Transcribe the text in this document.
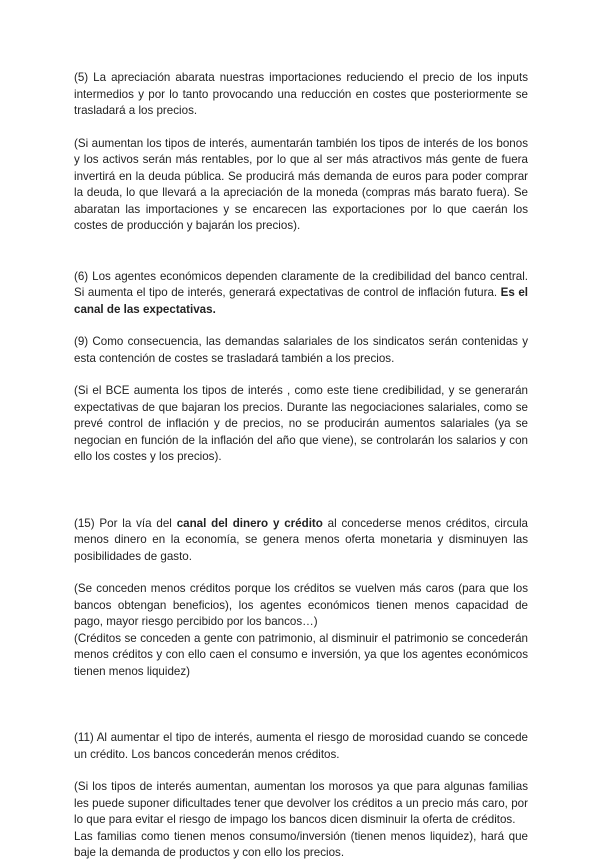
(5) La apreciación abarata nuestras importaciones reduciendo el precio de los inputs intermedios y por lo tanto provocando una reducción en costes que posteriormente se trasladará a los precios.

(Si aumentan los tipos de interés, aumentarán también los tipos de interés de los bonos y los activos serán más rentables, por lo que al ser más atractivos más gente de fuera invertirá en la deuda pública. Se producirá más demanda de euros para poder comprar la deuda, lo que llevará a la apreciación de la moneda (compras más barato fuera). Se abaratan las importaciones y se encarecen las exportaciones por lo que caerán los costes de producción y bajarán los precios).

(6) Los agentes económicos dependen claramente de la credibilidad del banco central. Si aumenta el tipo de interés, generará expectativas de control de inflación futura. Es el canal de las expectativas.

(9) Como consecuencia, las demandas salariales de los sindicatos serán contenidas y esta contención de costes se trasladará también a los precios.

(Si el BCE aumenta los tipos de interés , como este tiene credibilidad, y se generarán expectativas de que bajaran los precios. Durante las negociaciones salariales, como se prevé control de inflación y de precios, no se producirán aumentos salariales (ya se negocian en función de la inflación del año que viene), se controlarán los salarios y con ello los costes y los precios).

(15) Por la vía del canal del dinero y crédito al concederse menos créditos, circula menos dinero en la economía, se genera menos oferta monetaria y disminuyen las posibilidades de gasto.

(Se conceden menos créditos porque los créditos se vuelven más caros (para que los bancos obtengan beneficios), los agentes económicos tienen menos capacidad de pago, mayor riesgo percibido por los bancos…)

(Créditos se conceden a gente con patrimonio, al disminuir el patrimonio se concederán menos créditos y con ello caen el consumo e inversión, ya que los agentes económicos tienen menos liquidez)

(11) Al aumentar el tipo de interés, aumenta el riesgo de morosidad cuando se concede un crédito. Los bancos concederán menos créditos.

(Si los tipos de interés aumentan, aumentan los morosos ya que para algunas familias les puede suponer dificultades tener que devolver los créditos a un precio más caro, por lo que para evitar el riesgo de impago los bancos dicen disminuir la oferta de créditos.

Las familias como tienen menos consumo/inversión (tienen menos liquidez), hará que baje la demanda de productos y con ello los precios.
